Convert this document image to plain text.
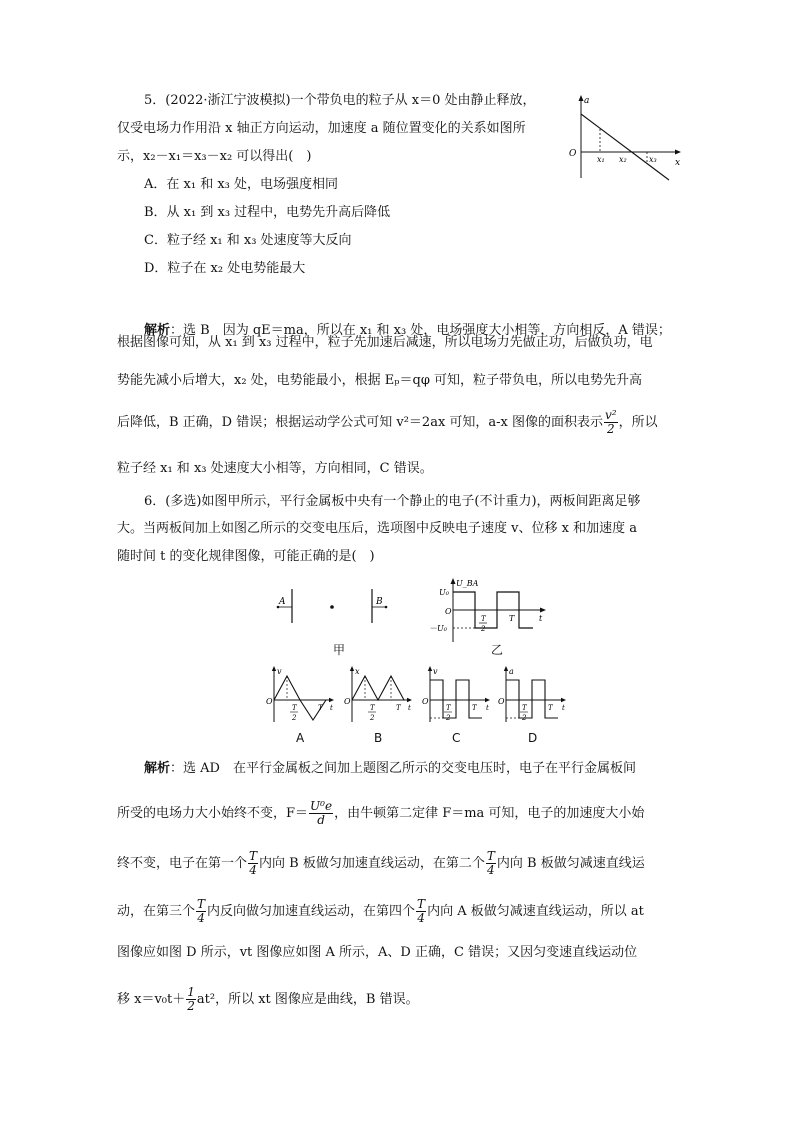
5．(2022·浙江宁波模拟)一个带负电的粒子从 x＝0 处由静止释放，
仅受电场力作用沿 x 轴正方向运动，加速度 a 随位置变化的关系如图所
示，x₂－x₁＝x₃－x₂ 可以得出(　)
A．在 x₁ 和 x₃ 处，电场强度相同
B．从 x₁ 到 x₃ 过程中，电势先升高后降低
C．粒子经 x₁ 和 x₃ 处速度等大反向
D．粒子在 x₂ 处电势能最大
a
x
O
x₁ x₂	x₃
解析：选 B　因为 qE＝ma，所以在 x₁ 和 x₃ 处，电场强度大小相等，方向相反，A 错误；
根据图像可知，从 x₁ 到 x₃ 过程中，粒子先加速后减速，所以电场力先做正功，后做负功，电
势能先减小后增大，x₂ 处，电势能最小，根据 Eₚ＝qφ 可知，粒子带负电，所以电势先升高
后降低，B 正确，D 错误；根据运动学公式可知 v²＝2ax 可知，a-x 图像的面积表示 $\frac{\text{v²}}{2}$ ，所以
粒子经 x₁ 和 x₃ 处速度大小相等，方向相同，C 错误。
6．(多选)如图甲所示，平行金属板中央有一个静止的电子(不计重力)，两板间距离足够
大。当两板间加上如图乙所示的交变电压后，选项图中反映电子速度 v、位移 x 和加速度 a
随时间 t 的变化规律图像，可能正确的是(　)
A	B
甲
U_BA
U₀
－U₀
O
t
T
2
T
乙
v
O
T
2
T t
A
x
O
T
2
T t
B
v
O
T
2
T t
C
a
O
T
2
T t
D
解析：选 AD　在平行金属板之间加上题图乙所示的交变电压时，电子在平行金属板间
所受的电场力大小始终不变，$F= \frac{\text{U⁰e}}{d}$ ，由牛顿第二定律 F＝ma 可知，电子的加速度大小始
终不变，电子在第一个 $\frac{T}{4}$ 内向 B 板做匀加速直线运动，在第二个 $\frac{T}{4}$ 内向 B 板做匀减速直线运
动，在第三个 $\frac{T}{4}$ 内反向做匀加速直线运动，在第四个 $\frac{T}{4}$ 内向 A 板做匀减速直线运动，所以 at
图像应如图 D 所示，vt 图像应如图 A 所示，A、D 正确，C 错误；又因匀变速直线运动位
移 $x=v_0t+ \frac{1}{2} at^2$，所以 xt 图像应是曲线，B 错误。
